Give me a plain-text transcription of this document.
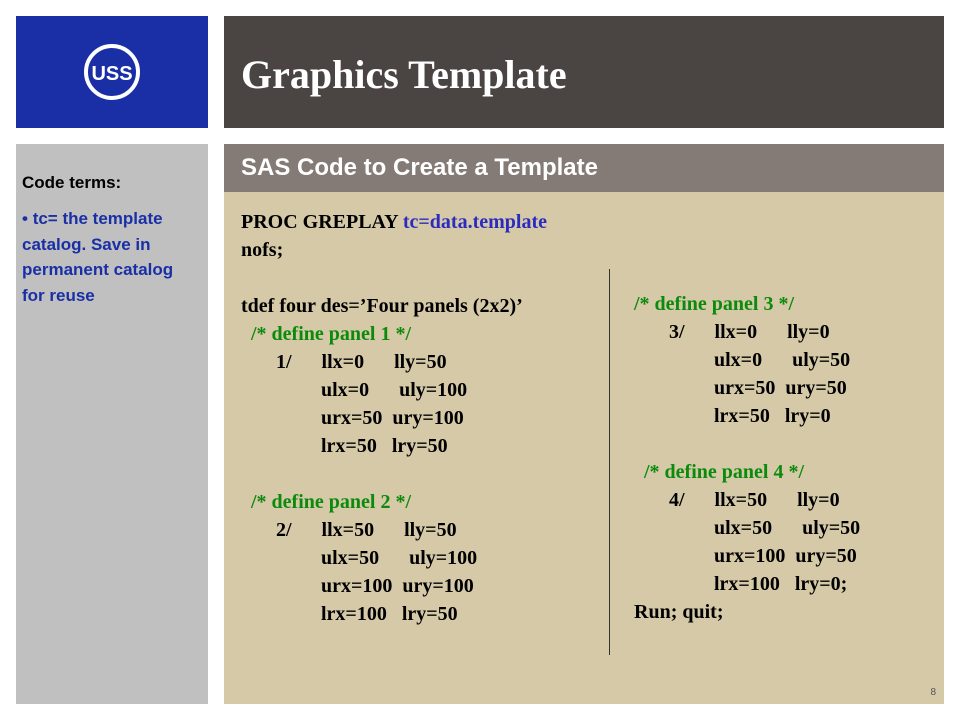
USS	Graphics Template
Code terms:
• tc= the template catalog. Save in permanent catalog for reuse
SAS Code to Create a Template
PROC GREPLAY tc=data.template
nofs;
tdef four des=’Four panels (2x2)’
/* define panel 1 */
1/      llx=0      lly=50
ulx=0      uly=100
urx=50  ury=100
lrx=50   lry=50
/* define panel 2 */
2/      llx=50      lly=50
ulx=50      uly=100
urx=100  ury=100
lrx=100   lry=50
/* define panel 3 */
3/      llx=0      lly=0
ulx=0      uly=50
urx=50  ury=50
lrx=50   lry=0
/* define panel 4 */
4/      llx=50      lly=0
ulx=50      uly=50
urx=100  ury=50
lrx=100   lry=0;
Run; quit;
8
